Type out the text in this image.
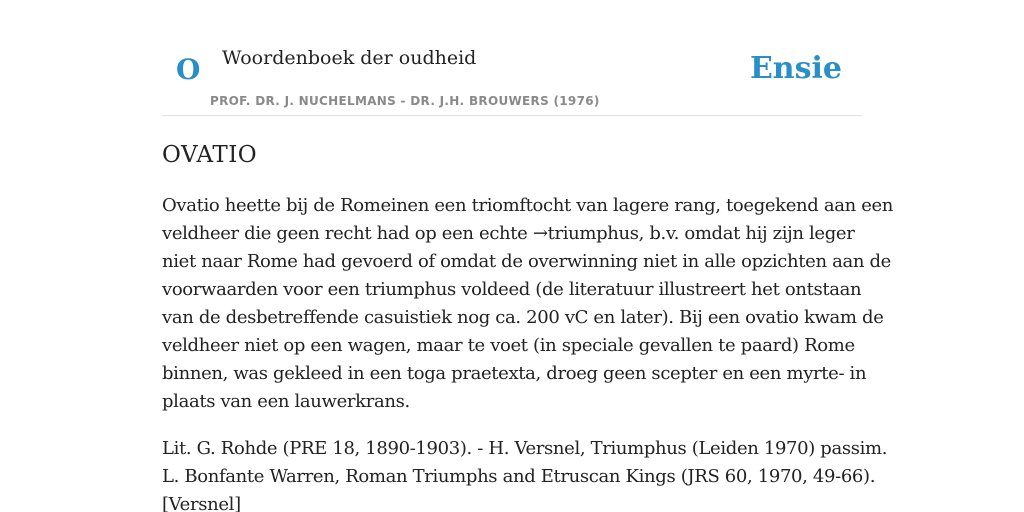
O Woordenboek der oudheid
PROF. DR. J. NUCHELMANS - DR. J.H. BROUWERS (1976)
Ensie
OVATIO

Ovatio heette bij de Romeinen een triomftocht van lagere rang, toegekend aan een
veldheer die geen recht had op een echte →triumphus, b.v. omdat hij zijn leger
niet naar Rome had gevoerd of omdat de overwinning niet in alle opzichten aan de
voorwaarden voor een triumphus voldeed (de literatuur illustreert het ontstaan
van de desbetreffende casuistiek nog ca. 200 vC en later). Bij een ovatio kwam de
veldheer niet op een wagen, maar te voet (in speciale gevallen te paard) Rome
binnen, was gekleed in een toga praetexta, droeg geen scepter en een myrte- in
plaats van een lauwerkrans.

Lit. G. Rohde (PRE 18, 1890-1903). - H. Versnel, Triumphus (Leiden 1970) passim.
L. Bonfante Warren, Roman Triumphs and Etruscan Kings (JRS 60, 1970, 49-66).
[Versnel]
